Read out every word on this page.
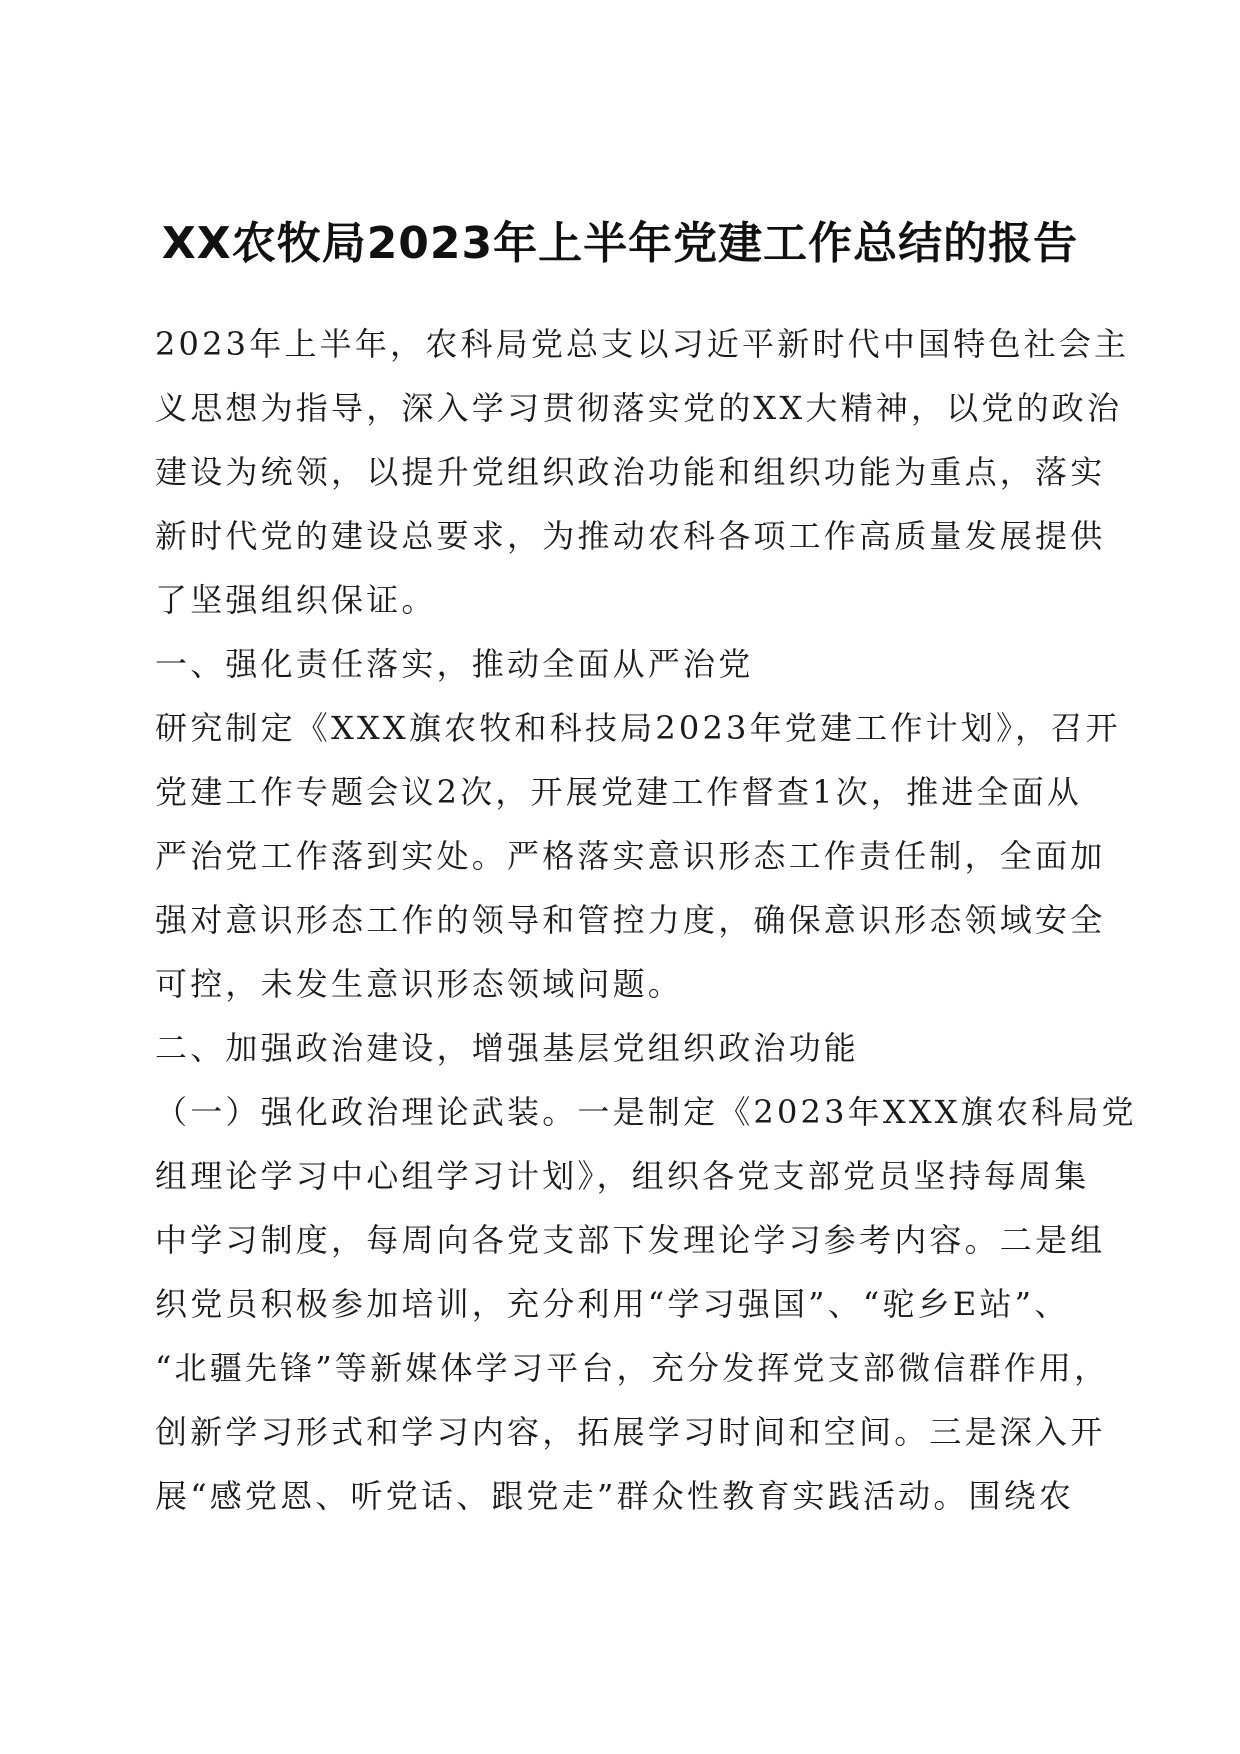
XX农牧局2023年上半年党建工作总结的报告
2023年上半年，农科局党总支以习近平新时代中国特色社会主
义思想为指导，深入学习贯彻落实党的XX大精神，以党的政治
建设为统领，以提升党组织政治功能和组织功能为重点，落实
新时代党的建设总要求，为推动农科各项工作高质量发展提供
了坚强组织保证。
一、强化责任落实，推动全面从严治党
研究制定《XXX旗农牧和科技局2023年党建工作计划》，召开
党建工作专题会议2次，开展党建工作督查1次，推进全面从
严治党工作落到实处。严格落实意识形态工作责任制，全面加
强对意识形态工作的领导和管控力度，确保意识形态领域安全
可控，未发生意识形态领域问题。
二、加强政治建设，增强基层党组织政治功能
（一）强化政治理论武装。一是制定《2023年XXX旗农科局党
组理论学习中心组学习计划》，组织各党支部党员坚持每周集
中学习制度，每周向各党支部下发理论学习参考内容。二是组
织党员积极参加培训，充分利用“学习强国”、“驼乡E站”、
“北疆先锋”等新媒体学习平台，充分发挥党支部微信群作用，
创新学习形式和学习内容，拓展学习时间和空间。三是深入开
展“感党恩、听党话、跟党走”群众性教育实践活动。围绕农
